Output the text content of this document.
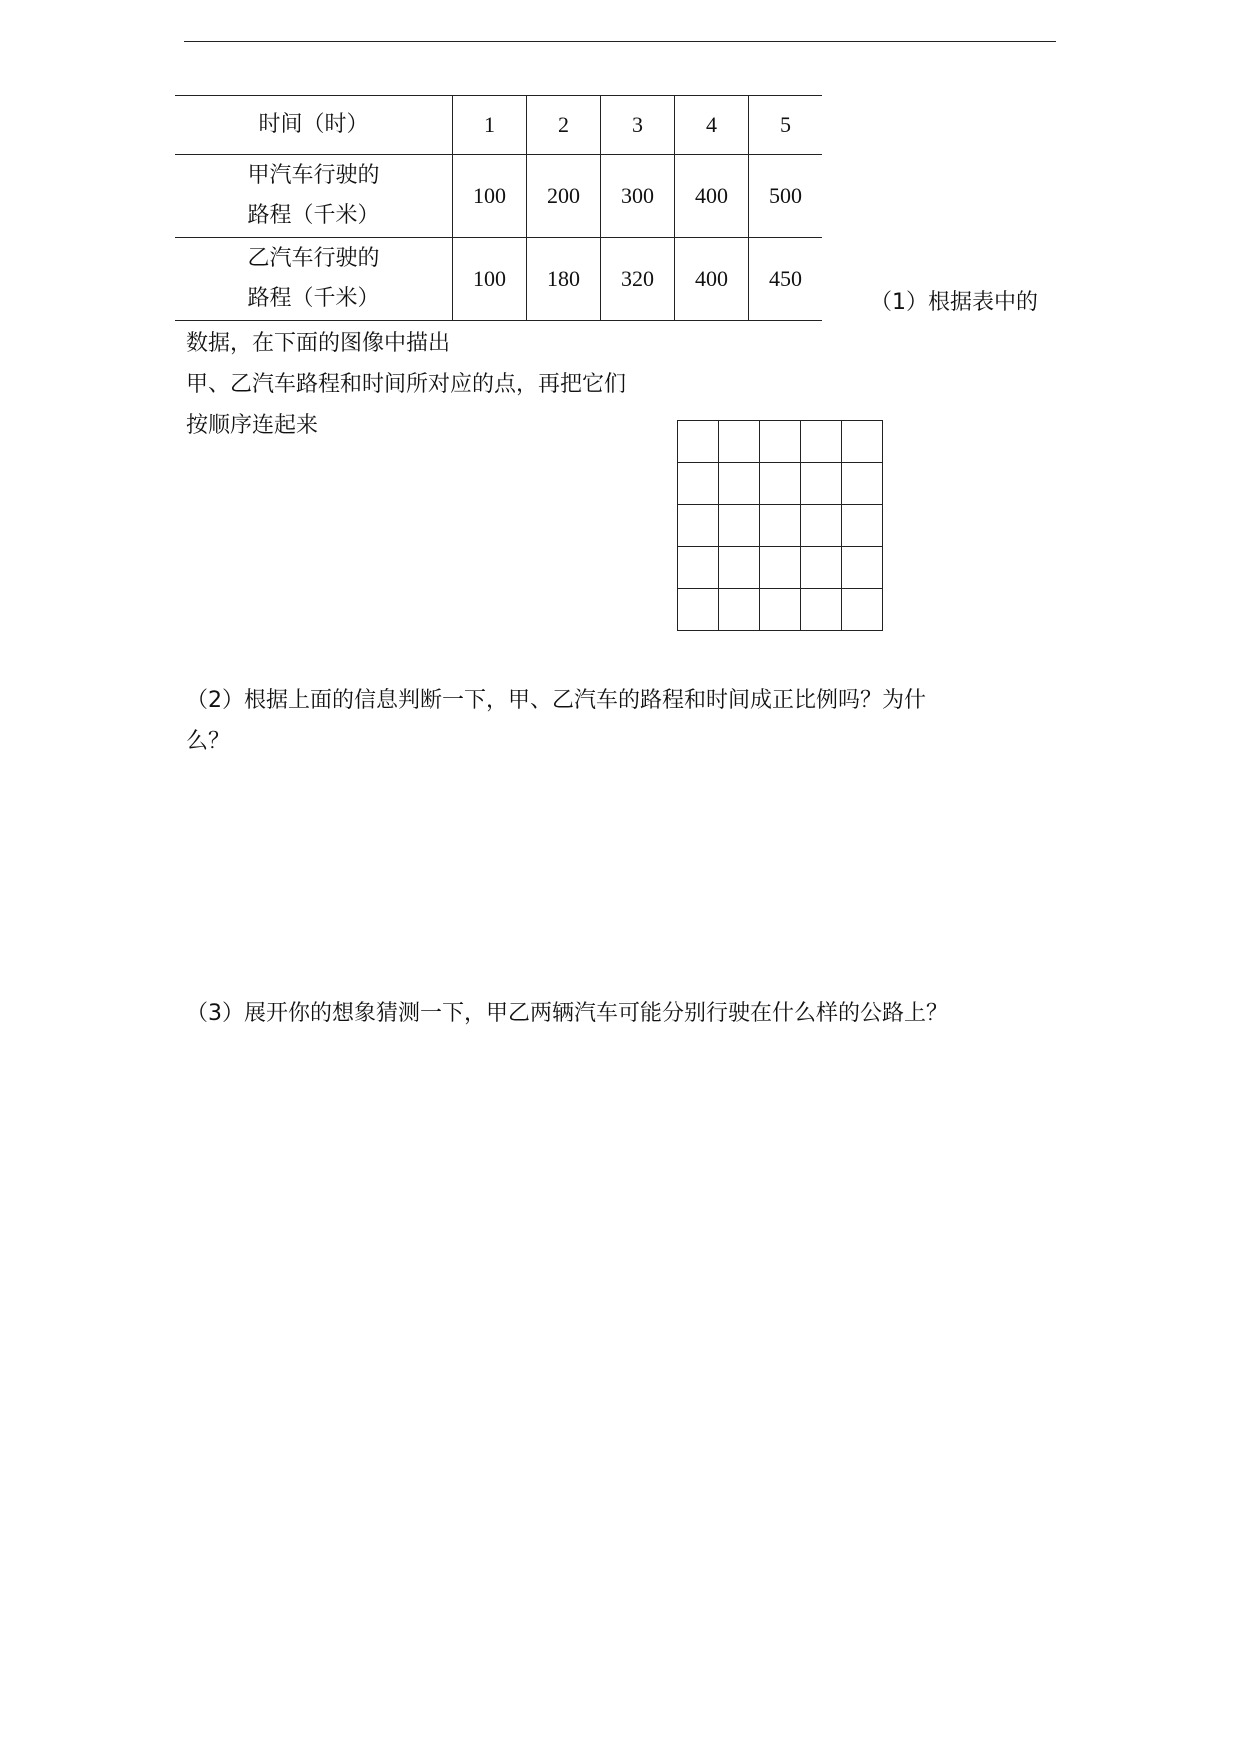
时间（时）	1	2	3	4	5

甲汽车行驶的
路程（千米）	100	200	300	400	500

乙汽车行驶的
路程（千米）	100	180	320	400	450
（1）根据表中的
数据，在下面的图像中描出
甲、乙汽车路程和时间所对应的点，再把它们
按顺序连起来

（2）根据上面的信息判断一下，甲、乙汽车的路程和时间成正比例吗？为什
么？
（3）展开你的想象猜测一下，甲乙两辆汽车可能分别行驶在什么样的公路上？
